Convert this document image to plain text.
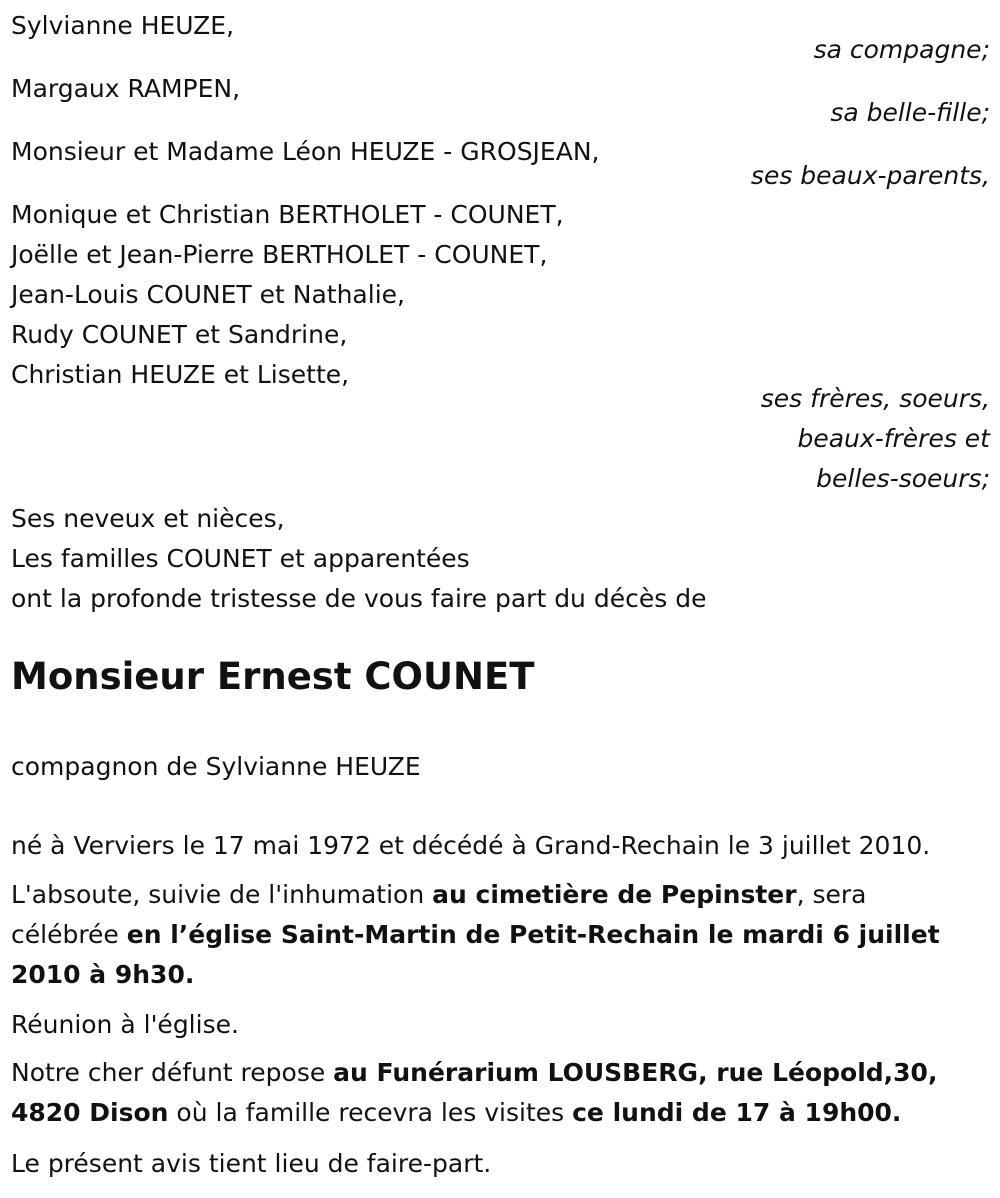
Sylvianne HEUZE,
sa compagne;
Margaux RAMPEN,
sa belle-fille;
Monsieur et Madame Léon HEUZE - GROSJEAN,
ses beaux-parents,
Monique et Christian BERTHOLET - COUNET,
Joëlle et Jean-Pierre BERTHOLET - COUNET,
Jean-Louis COUNET et Nathalie,
Rudy COUNET et Sandrine,
Christian HEUZE et Lisette,
ses frères, soeurs,
beaux-frères et
belles-soeurs;
Ses neveux et nièces,
Les familles COUNET et apparentées
ont la profonde tristesse de vous faire part du décès de
Monsieur Ernest COUNET
compagnon de Sylvianne HEUZE
né à Verviers le 17 mai 1972 et décédé à Grand-Rechain le 3 juillet 2010.
L'absoute, suivie de l'inhumation au cimetière de Pepinster, sera
célébrée en l’église Saint-Martin de Petit-Rechain le mardi 6 juillet
2010 à 9h30.
Réunion à l'église.
Notre cher défunt repose au Funérarium LOUSBERG, rue Léopold,30,
4820 Dison où la famille recevra les visites ce lundi de 17 à 19h00.
Le présent avis tient lieu de faire-part.
